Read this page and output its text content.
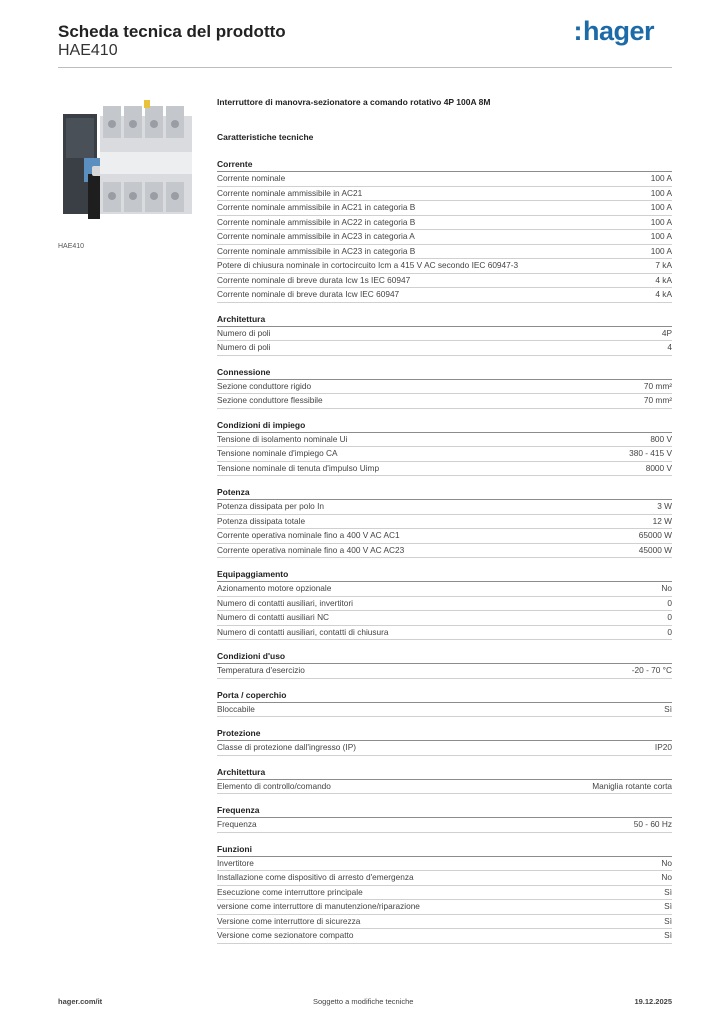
Scheda tecnica del prodotto
HAE410
:hager
HAE410
Interruttore di manovra-sezionatore a comando rotativo 4P 100A 8M
Caratteristiche tecniche
Corrente
Corrente nominale	100 A
Corrente nominale ammissibile in AC21	100 A
Corrente nominale ammissibile in AC21 in categoria B	100 A
Corrente nominale ammissibile in AC22 in categoria B	100 A
Corrente nominale ammissibile in AC23 in categoria A	100 A
Corrente nominale ammissibile in AC23 in categoria B	100 A
Potere di chiusura nominale in cortocircuito Icm a 415 V AC secondo IEC 60947-3	7 kA
Corrente nominale di breve durata Icw 1s IEC 60947	4 kA
Corrente nominale di breve durata Icw IEC 60947	4 kA
Architettura
Numero di poli	4P
Numero di poli	4
Connessione
Sezione conduttore rigido	70 mm²
Sezione conduttore flessibile	70 mm²
Condizioni di impiego
Tensione di isolamento nominale Ui	800 V
Tensione nominale d'impiego CA	380 - 415 V
Tensione nominale di tenuta d'impulso Uimp	8000 V
Potenza
Potenza dissipata per polo In	3 W
Potenza dissipata totale	12 W
Corrente operativa nominale fino a 400 V AC AC1	65000 W
Corrente operativa nominale fino a 400 V AC AC23	45000 W
Equipaggiamento
Azionamento motore opzionale	No
Numero di contatti ausiliari, invertitori	0
Numero di contatti ausiliari NC	0
Numero di contatti ausiliari, contatti di chiusura	0
Condizioni d'uso
Temperatura d'esercizio	-20 - 70 °C
Porta / coperchio
Bloccabile	Sì
Protezione
Classe di protezione dall'ingresso (IP)	IP20
Architettura
Elemento di controllo/comando	Maniglia rotante corta
Frequenza
Frequenza	50 - 60 Hz
Funzioni
Invertitore	No
Installazione come dispositivo di arresto d'emergenza	No
Esecuzione come interruttore principale	Sì
versione come interruttore di manutenzione/riparazione	Sì
Versione come interruttore di sicurezza	Sì
Versione come sezionatore compatto	Sì
hager.com/it	Soggetto a modifiche tecniche	19.12.2025
